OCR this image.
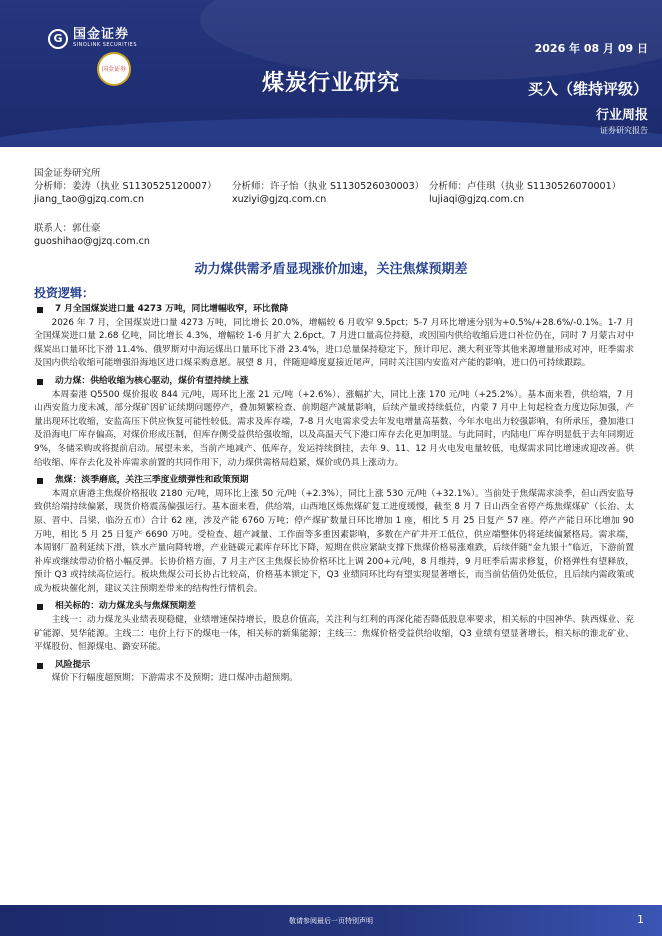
G 国金证券
SINOLINK SECURITIES	2026 年 08 月 09 日
国金证券
煤炭行业研究	买入（维持评级）
行业周报
证券研究报告
国金证券研究所
分析师：姜涛（执业 S1130525120007）
jiang_tao@gjzq.com.cn
分析师：许子怡（执业 S1130526030003）
xuziyi@gjzq.com.cn
分析师：卢佳琪（执业 S1130526070001）
lujiaqi@gjzq.com.cn
联系人：郭仕豪
guoshihao@gjzq.com.cn
动力煤供需矛盾显现涨价加速，关注焦煤预期差
投资逻辑：
7 月全国煤炭进口量 4273 万吨，同比增幅收窄，环比微降

2026 年 7 月，全国煤炭进口量 4273 万吨，同比增长 20.0%，增幅较 6 月收窄 9.5pct；5-7 月环比增速分别为+0.5%/+28.6%/-0.1%。1-7 月全国煤炭进口量 2.68 亿吨，同比增长 4.3%，增幅较 1-6 月扩大 2.6pct。7 月进口量高位持稳，或因国内供给收缩后进口补位仍在，同时 7 月蒙古对中煤炭出口量环比下滑 11.4%、俄罗斯对中海运煤出口量环比下滑 23.4%，进口总量保持稳定下，预计印尼、澳大利亚等其他来源增量形成对冲，旺季需求及国内供给收缩可能增强沿海地区进口煤采购意愿。展望 8 月，伴随迎峰度夏接近尾声，同时关注国内安监对产能的影响，进口仍可持续跟踪。

动力煤：供给收缩为核心驱动，煤价有望持续上涨

本周秦港 Q5500 煤价报收 844 元/吨，周环比上涨 21 元/吨（+2.6%）、涨幅扩大，同比上涨 170 元/吨（+25.2%）。基本面来看，供给端，7 月山西安监力度未减，部分煤矿因矿证续期问题停产，叠加频繁检查、前期超产减量影响，后续产量或持续低位，内蒙 7 月中上旬起检查力度边际加强，产量出现环比收缩，安监高压下供应恢复可能性较低。需求及库存端，7-8 月火电需求受去年发电增量高基数、今年水电出力较强影响，有所承压，叠加港口及沿海电厂库存偏高，对煤价形成压制，但库存侧受益供给强收缩，以及高温天气下港口库存去化更加明显。与此同时，内陆电厂库存明显低于去年同期近 9%，冬储采购或将提前启动。展望未来，当前产地减产、低库存，发运持续倒挂，去年 9、11、12 月火电发电量较低，电煤需求同比增速或迎改善。供给收缩、库存去化及补库需求前置的共同作用下，动力煤供需格局趋紧，煤价或仍具上涨动力。

焦煤：淡季磨底，关注三季度业绩弹性和政策预期

本周京唐港主焦煤价格报收 2180 元/吨，周环比上涨 50 元/吨（+2.3%），同比上涨 530 元/吨（+32.1%）。当前处于焦煤需求淡季，但山西安监导致供给端持续偏紧，现货价格震荡偏强运行。基本面来看，供给端，山西地区炼焦煤矿复工进度缓慢，截至 8 月 7 日山西全省停产炼焦煤煤矿（长治、太原、晋中、吕梁、临汾五市）合计 62 座，涉及产能 6760 万吨；停产煤矿数量日环比增加 1 座，相比 5 月 25 日复产 57 座。停产产能日环比增加 90 万吨，相比 5 月 25 日复产 6690 万吨。受检查、超产减量、工作面等多重因素影响，多数在产矿井开工低位，供应端整体仍将延续偏紧格局。需求端，本周钢厂盈利延续下滑，铁水产量向降转增，产业链碳元素库存环比下降，短期在供应紧缺支撑下焦煤价格易涨难跌，后续伴随“金九银十”临近，下游前置补库或继续带动价格小幅反弹。长协价格方面，7 月主产区主焦煤长协价格环比上调 200+元/吨，8 月维持，9 月旺季后需求修复，价格弹性有望释放，预计 Q3 或持续高位运行。板块焦煤公司长协占比较高，价格基本锁定下，Q3 业绩同环比均有望实现显著增长，而当前估值仍处低位，且后续内需政策或成为板块催化剂，建议关注预期差带来的结构性行情机会。

相关标的：动力煤龙头与焦煤预期差

主线一：动力煤龙头业绩表现稳健，业绩增速保持增长，股息价值高，关注利与红利的再深化能否降低股息率要求，相关标的中国神华、陕西煤业、兖矿能源、昊华能源。主线二：电价上行下的煤电一体，相关标的新集能源；主线三：焦煤价格受益供给收缩，Q3 业绩有望显著增长，相关标的淮北矿业、平煤股份、恒源煤电、潞安环能。

风险提示

煤价下行幅度超预期；下游需求不及预期；进口煤冲击超预期。

敬请参阅最后一页特别声明	1
